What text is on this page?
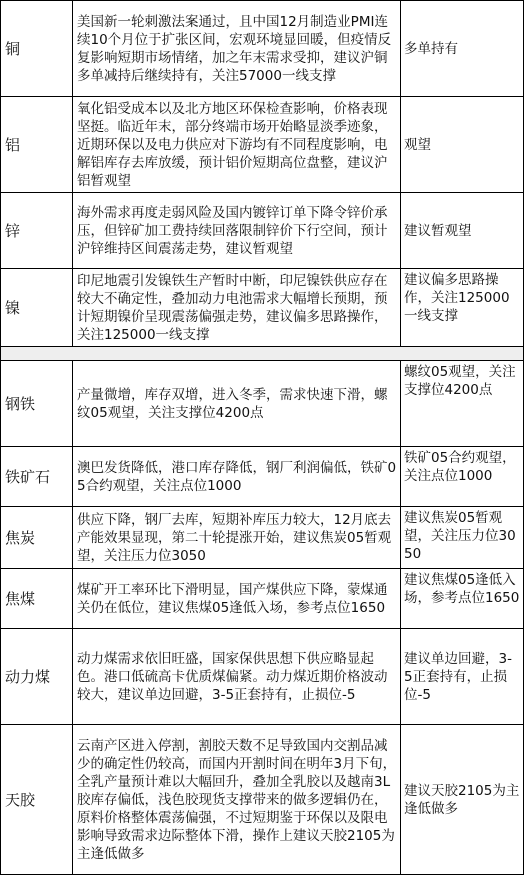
铜	美国新一轮刺激法案通过，且中国12月制造业PMI连续10个月位于扩张区间，宏观环境显回暖，但疫情反复影响短期市场情绪，加之年末需求受抑，建议沪铜多单减持后继续持有，关注57000一线支撑	多单持有
铝	氧化铝受成本以及北方地区环保检查影响，价格表现坚挺。临近年末，部分终端市场开始略显淡季迹象，近期环保以及电力供应对下游均有不同程度影响，电解铝库存去库放缓，预计铝价短期高位盘整，建议沪铝暂观望	观望
锌	海外需求再度走弱风险及国内镀锌订单下降令锌价承压，但锌矿加工费持续回落限制锌价下行空间，预计沪锌维持区间震荡走势，建议暂观望	建议暂观望
镍	印尼地震引发镍铁生产暂时中断，印尼镍铁供应存在较大不确定性，叠加动力电池需求大幅增长预期，预计短期镍价呈现震荡偏强走势，建议偏多思路操作，关注125000一线支撑	建议偏多思路操作，关注125000一线支撑

钢铁	产量微增，库存双增，进入冬季，需求快速下滑，螺纹05观望，关注支撑位4200点	螺纹05观望，关注支撑位4200点
铁矿石	澳巴发货降低，港口库存降低，钢厂利润偏低，铁矿05合约观望，关注点位1000	铁矿05合约观望，关注点位1000
焦炭	供应下降，钢厂去库，短期补库压力较大，12月底去产能效果显现，第二十轮提涨开始，建议焦炭05暂观望，关注压力位3050	建议焦炭05暂观望，关注压力位3050
焦煤	煤矿开工率环比下滑明显，国产煤供应下降，蒙煤通关仍在低位，建议焦煤05逢低入场，参考点位1650	建议焦煤05逢低入场，参考点位1650
动力煤	动力煤需求依旧旺盛，国家保供思想下供应略显起色。港口低硫高卡优质煤偏紧。动力煤近期价格波动较大，建议单边回避，3-5正套持有，止损位-5	建议单边回避，3-5正套持有，止损位-5
天胶	云南产区进入停割，割胶天数不足导致国内交割品减少的确定性仍较高，而国内开割时间在明年3月下旬，全乳产量预计难以大幅回升，叠加全乳胶以及越南3L胶库存偏低，浅色胶现货支撑带来的做多逻辑仍在，原料价格整体震荡偏强，不过短期鉴于环保以及限电影响导致需求边际整体下滑，操作上建议天胶2105为主逢低做多	建议天胶2105为主逢低做多
